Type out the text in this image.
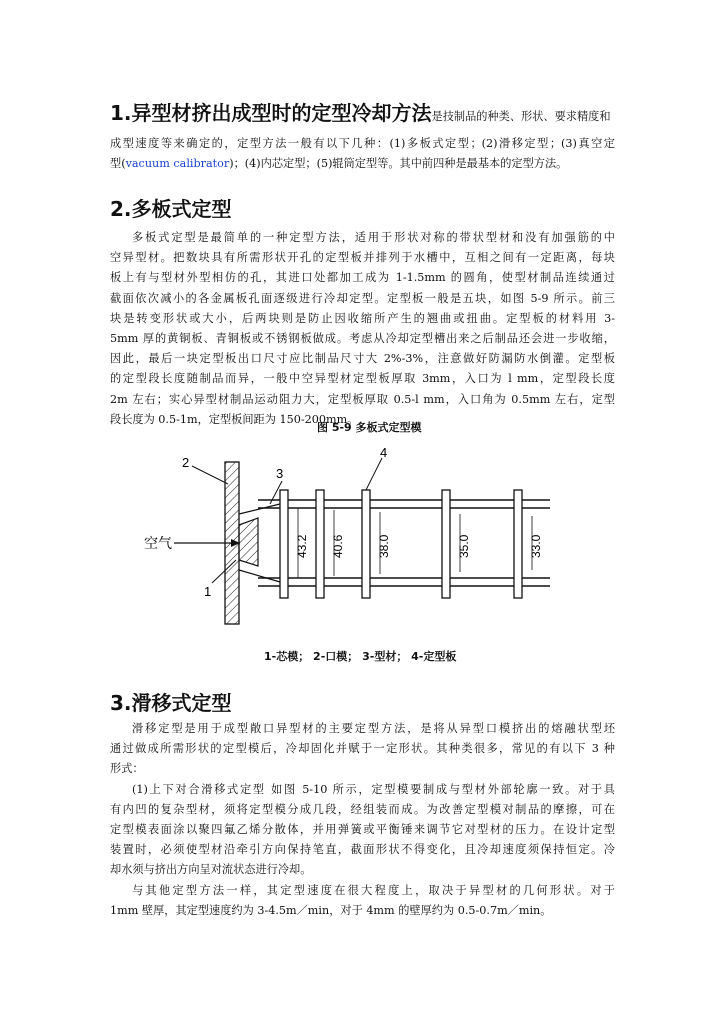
1.异型材挤出成型时的定型冷却方法是技制品的种类、形状、要求精度和
成型速度等来确定的，定型方法一般有以下几种：(1)多板式定型；(2)滑移定型；(3)真空定
型(vacuum calibrator)；(4)内芯定型；(5)辊筒定型等。其中前四种是最基本的定型方法。
2.多板式定型
多板式定型是最简单的一种定型方法，适用于形状对称的带状型材和没有加强筋的中
空异型材。把数块具有所需形状开孔的定型板并排列于水槽中，互相之间有一定距离，每块
板上有与型材外型相仿的孔，其进口处都加工成为 1-1.5mm 的圆角，使型材制品连续通过
截面依次减小的各金属板孔面逐级进行冷却定型。定型板一般是五块，如图 5-9 所示。前三
块是转变形状或大小，后两块则是防止因收缩所产生的翘曲或扭曲。定型板的材料用 3-
5mm 厚的黄铜板、青铜板或不锈钢板做成。考虑从冷却定型槽出来之后制品还会进一步收缩，
因此，最后一块定型板出口尺寸应比制品尺寸大 2%-3%，注意做好防漏防水倒灌。定型板
的定型段长度随制品而异，一般中空异型材定型板厚取 3mm，入口为 l mm，定型段长度
2m 左右；实心异型材制品运动阻力大，定型板厚取 0.5-l mm，入口角为 0.5mm 左右，定型
段长度为 0.5-1m，定型板间距为 150-200mm。
图 5-9 多板式定型模
空气
1
2
3
4
43.2 40.6	38.0	35.0	33.0
1-芯模； 2-口模； 3-型材； 4-定型板
3.滑移式定型
滑移定型是用于成型敞口异型材的主要定型方法，是将从异型口模挤出的熔融状型坯
通过做成所需形状的定型模后，冷却固化并赋于一定形状。其种类很多，常见的有以下 3 种
形式：
(1)上下对合滑移式定型 如图 5-10 所示，定型模要制成与型材外部轮廓一致。对于具
有内凹的复杂型材，须将定型模分成几段，经组装而成。为改善定型模对制品的摩擦，可在
定型模表面涂以聚四氟乙烯分散体，并用弹簧或平衡锤来调节它对型材的压力。在设计定型
装置时，必须使型材沿牵引方向保持笔直，截面形状不得变化，且冷却速度须保持恒定。冷
却水须与挤出方向呈对流状态进行冷却。
与其他定型方法一样，其定型速度在很大程度上，取决于异型材的几何形状。对于
1mm 壁厚，其定型速度约为 3-4.5m／min，对于 4mm 的壁厚约为 0.5-0.7m／min。
